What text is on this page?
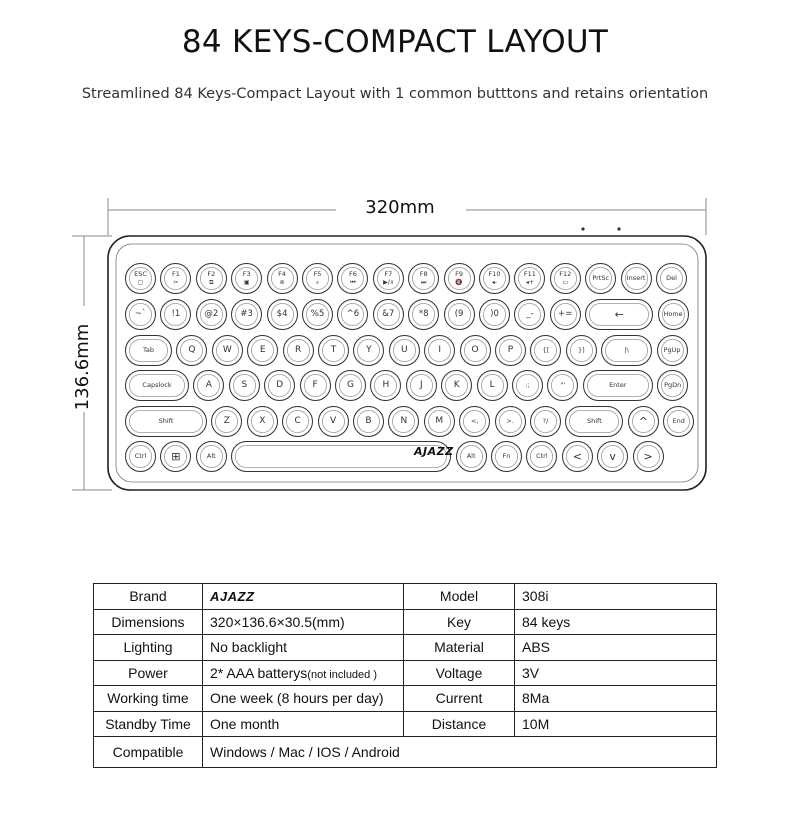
84 KEYS-COMPACT LAYOUT
Streamlined 84 Keys-Compact Layout with 1 common butttons and retains orientation
320mm
136.6mm
ESC
◻
F1
✂
F2
⧉
F3
▣
F4
⊚
F5
⌕
F6
⏮
F7
▶/॥
F8
⏭
F9
🔇
F10
◂-
F11
◂+
F12
▭	PrtSc	Insert	Del
~`	!1	@2	#3	$4	%5	^6	&7	*8	(9	)0	_-	+=	←	Home
Tab	Q	W	E	R	T	Y	U	I	O	P	{[	}]	|\	PgUp
Capslock	A	S	D	F	G	H	J	K	L	:;	"'	Enter	PgDn
Shift	Z	X	C	V	B	N	M	<,	>.	?/	Shift	^	End
Ctrl ⊞	Alt	Alt	Fn	Ctrl <	v	>
AJAZZ
Brand	AJAZZ	Model	308i
Dimensions	320×136.6×30.5(mm)	Key	84 keys
Lighting	No backlight	Material	ABS
Power	2* AAA batterys(not included )	Voltage	3V
Working time	One week (8 hours per day)	Current	8Ma
Standby Time	One month	Distance	10M
Compatible	Windows / Mac / IOS / Android		
